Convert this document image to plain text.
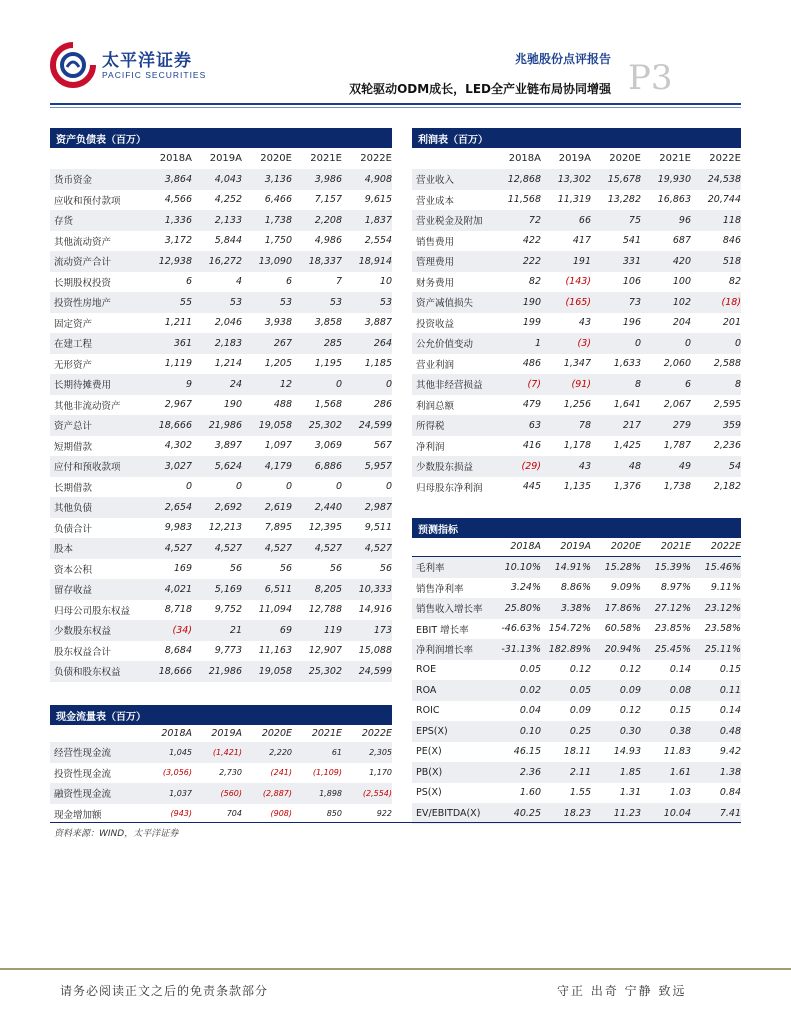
太平洋证券
PACIFIC SECURITIES
兆驰股份点评报告
双轮驱动ODM成长，LED全产业链布局协同增强 P3
资产负债表（百万）
2018A	2019A	2020E	2021E	2022E
货币资金	3,864	4,043	3,136	3,986	4,908
应收和预付款项	4,566	4,252	6,466	7,157	9,615
存货	1,336	2,133	1,738	2,208	1,837
其他流动资产	3,172	5,844	1,750	4,986	2,554
流动资产合计	12,938	16,272	13,090	18,337	18,914
长期股权投资	6	4	6	7	10
投资性房地产	55	53	53	53	53
固定资产	1,211	2,046	3,938	3,858	3,887
在建工程	361	2,183	267	285	264
无形资产	1,119	1,214	1,205	1,195	1,185
长期待摊费用	9	24	12	0	0
其他非流动资产	2,967	190	488	1,568	286
资产总计	18,666	21,986	19,058	25,302	24,599
短期借款	4,302	3,897	1,097	3,069	567
应付和预收款项	3,027	5,624	4,179	6,886	5,957
长期借款	0	0	0	0	0
其他负债	2,654	2,692	2,619	2,440	2,987
负债合计	9,983	12,213	7,895	12,395	9,511
股本	4,527	4,527	4,527	4,527	4,527
资本公积	169	56	56	56	56
留存收益	4,021	5,169	6,511	8,205	10,333
归母公司股东权益	8,718	9,752	11,094	12,788	14,916
少数股东权益	(34)	21	69	119	173
股东权益合计	8,684	9,773	11,163	12,907	15,088
负债和股东权益	18,666	21,986	19,058	25,302	24,599
现金流量表（百万）
2018A	2019A	2020E	2021E	2022E
经营性现金流	1,045	(1,421)	2,220	61	2,305
投资性现金流	(3,056)	2,730	(241)	(1,109)	1,170
融资性现金流	1,037	(560)	(2,887)	1,898	(2,554)
现金增加额	(943)	704	(908)	850	922
利润表（百万）
2018A	2019A	2020E	2021E	2022E
营业收入	12,868	13,302	15,678	19,930	24,538
营业成本	11,568	11,319	13,282	16,863	20,744
营业税金及附加	72	66	75	96	118
销售费用	422	417	541	687	846
管理费用	222	191	331	420	518
财务费用	82	(143)	106	100	82
资产减值损失	190	(165)	73	102	(18)
投资收益	199	43	196	204	201
公允价值变动	1	(3)	0	0	0
营业利润	486	1,347	1,633	2,060	2,588
其他非经营损益	(7)	(91)	8	6	8
利润总额	479	1,256	1,641	2,067	2,595
所得税	63	78	217	279	359
净利润	416	1,178	1,425	1,787	2,236
少数股东损益	(29)	43	48	49	54
归母股东净利润	445	1,135	1,376	1,738	2,182
预测指标
2018A	2019A	2020E	2021E	2022E
毛利率	10.10%	14.91%	15.28%	15.39%	15.46%
销售净利率	3.24%	8.86%	9.09%	8.97%	9.11%
销售收入增长率	25.80%	3.38%	17.86%	27.12%	23.12%
EBIT 增长率	-46.63% 154.72%	60.58%	23.85%	23.58%
净利润增长率	-31.13% 182.89%	20.94%	25.45%	25.11%
ROE	0.05	0.12	0.12	0.14	0.15
ROA	0.02	0.05	0.09	0.08	0.11
ROIC	0.04	0.09	0.12	0.15	0.14
EPS(X)	0.10	0.25	0.30	0.38	0.48
PE(X)	46.15	18.11	14.93	11.83	9.42
PB(X)	2.36	2.11	1.85	1.61	1.38
PS(X)	1.60	1.55	1.31	1.03	0.84
EV/EBITDA(X)	40.25	18.23	11.23	10.04	7.41
资料来源：WIND，太平洋证券
请务必阅读正文之后的免责条款部分	守正 出奇 宁静 致远
